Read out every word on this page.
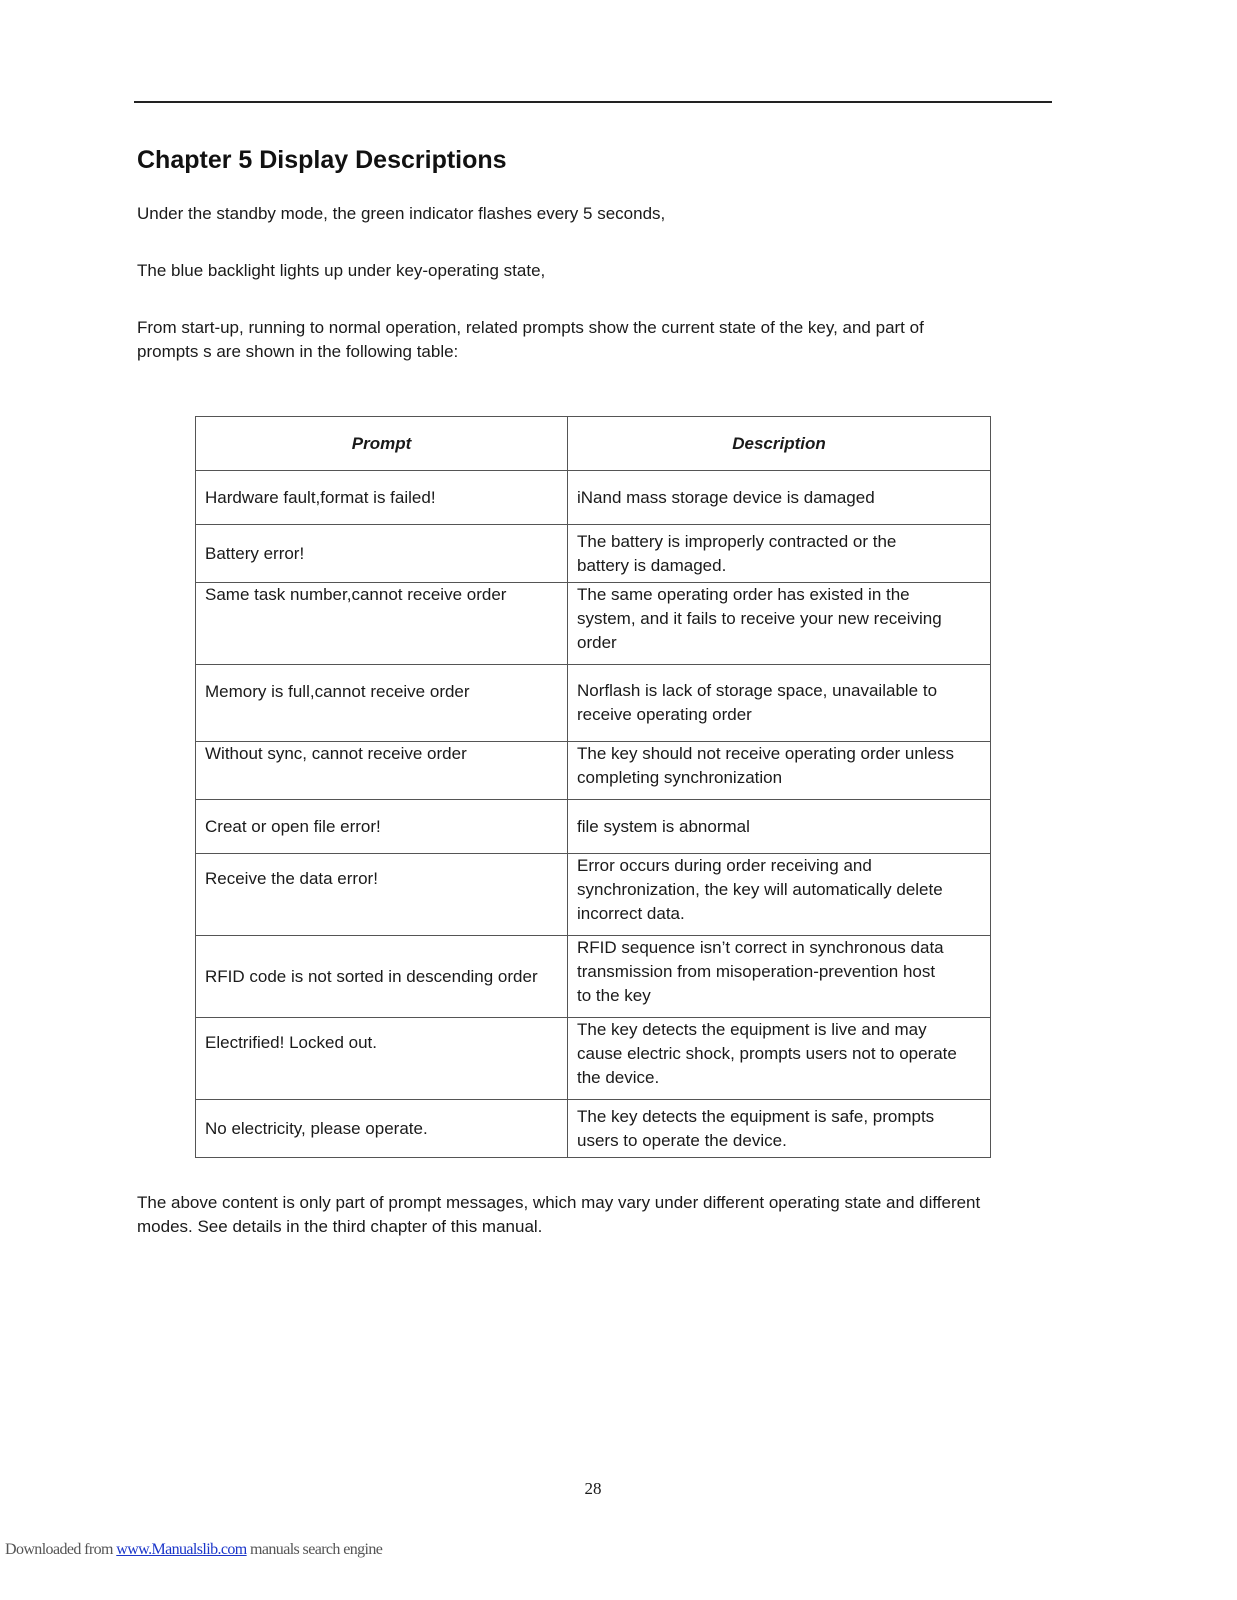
Chapter 5 Display Descriptions

Under the standby mode, the green indicator flashes every 5 seconds,

The blue backlight lights up under key-operating state,

From start-up, running to normal operation, related prompts show the current state of the key, and part of
prompts s are shown in the following table:

Prompt	Description
Hardware fault,format is failed!	iNand mass storage device is damaged
Battery error!	The battery is improperly contracted or the
battery is damaged.
Same task number,cannot receive order	The same operating order has existed in the
system, and it fails to receive your new receiving
order
Memory is full,cannot receive order	Norflash is lack of storage space, unavailable to
receive operating order
Without sync, cannot receive order	The key should not receive operating order unless
completing synchronization
Creat or open file error!	file system is abnormal
Receive the data error!	Error occurs during order receiving and
synchronization, the key will automatically delete
incorrect data.
RFID code is not sorted in descending order	RFID sequence isn’t correct in synchronous data
transmission from misoperation-prevention host
to the key
Electrified! Locked out.	The key detects the equipment is live and may
cause electric shock, prompts users not to operate
the device.
No electricity, please operate.	The key detects the equipment is safe, prompts
users to operate the device.

The above content is only part of prompt messages, which may vary under different operating state and different
modes. See details in the third chapter of this manual.

28

Downloaded from www.Manualslib.com manuals search engine
